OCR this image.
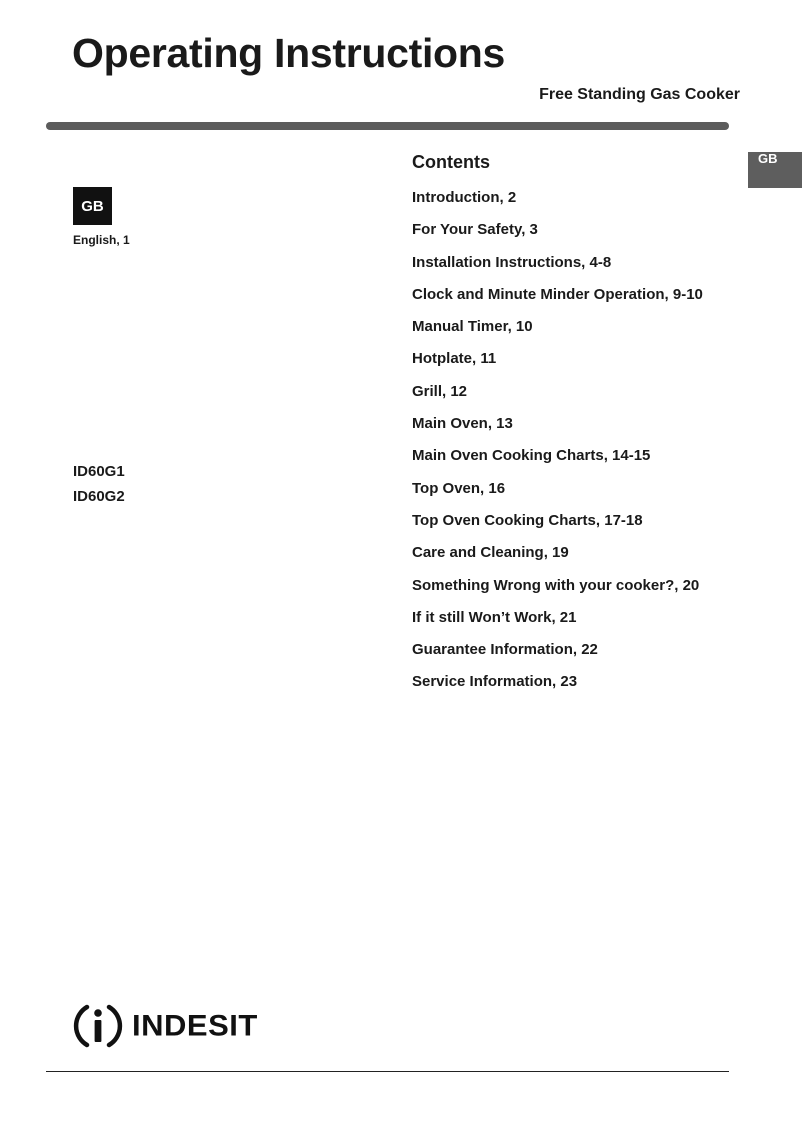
Operating Instructions
Free Standing Gas Cooker
GB
GB
English, 1
ID60G1
ID60G2
Contents
Introduction, 2
For Your Safety, 3
Installation Instructions, 4-8
Clock and Minute Minder Operation, 9-10
Manual Timer, 10
Hotplate, 11
Grill, 12
Main Oven, 13
Main Oven Cooking Charts, 14-15
Top Oven, 16
Top Oven Cooking Charts, 17-18
Care and Cleaning, 19
Something Wrong with your cooker?, 20
If it still Won’t Work, 21
Guarantee Information, 22
Service Information, 23
INDESIT
